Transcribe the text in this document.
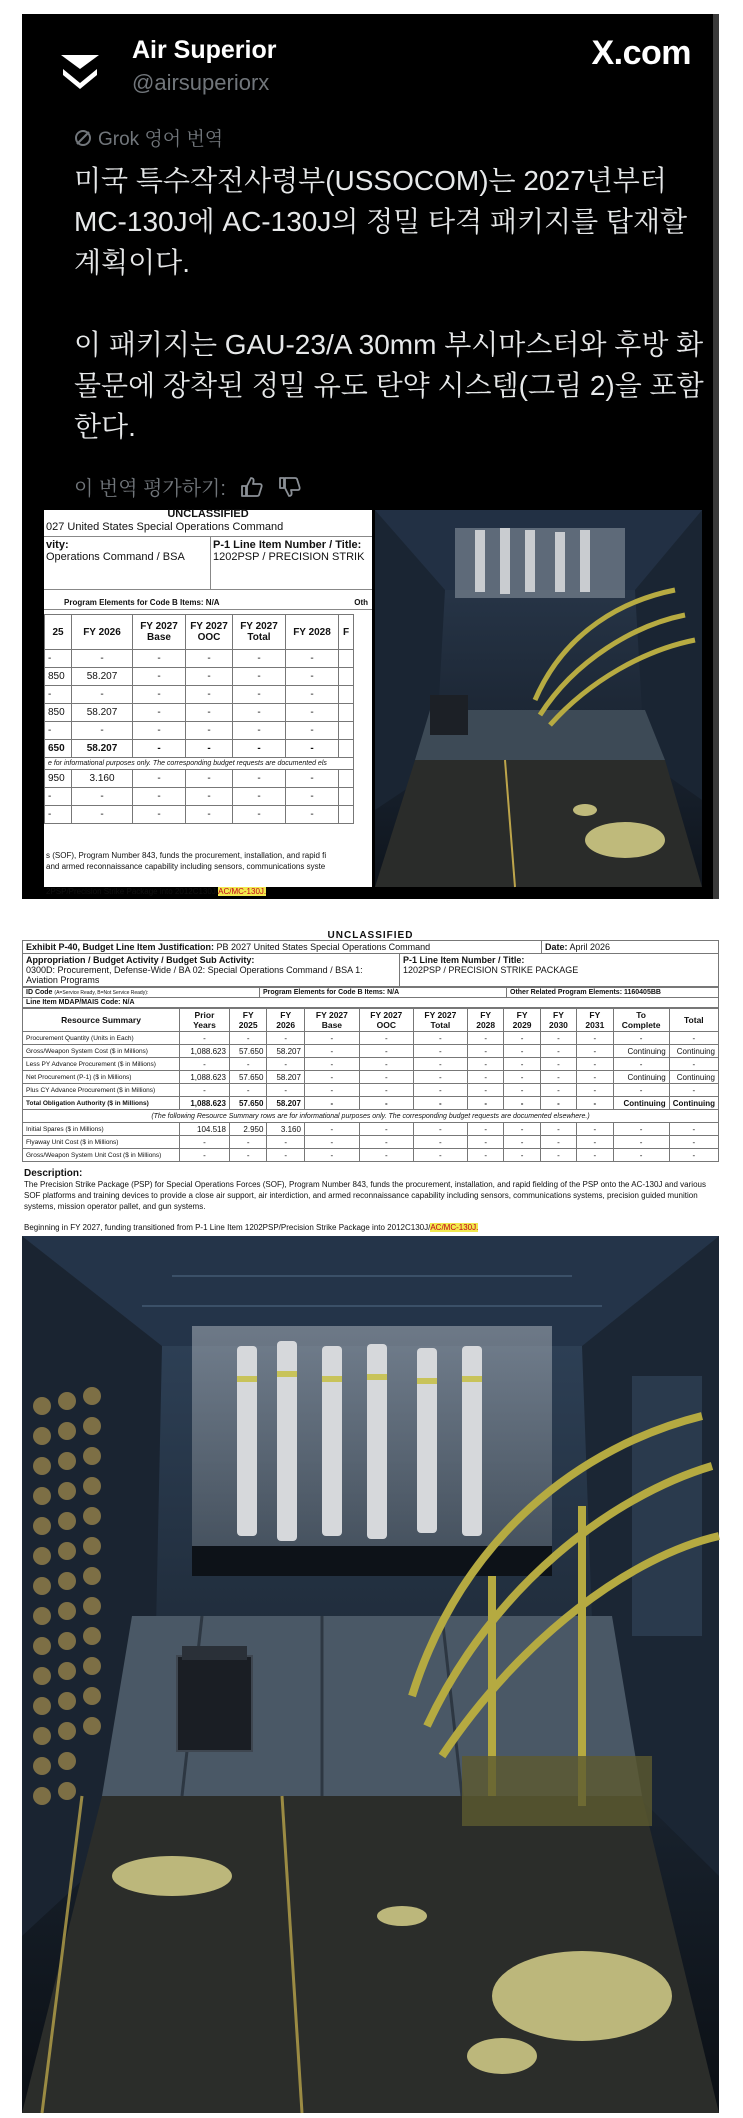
Air Superior
@airsuperiorx
X.com
Grok 영어 번역

미국 특수작전사령부(USSOCOM)는 2027년부터 MC-130J에 AC-130J의 정밀 타격 패키지를 탑재할 계획이다.

이 패키지는 GAU-23/A 30mm 부시마스터와 후방 화물문에 장착된 정밀 유도 탄약 시스템(그림 2)을 포함한다.

이 번역 평가하기:
UNCLASSIFIED
027 United States Special Operations Command
vity:
Operations Command / BSA
P-1 Line Item Number / Title:
1202PSP / PRECISION STRIK
Program Elements for Code B Items: N/A	Oth
25	FY 2026	FY 2027 Base	FY 2027 OOC	FY 2027 Total	FY 2028	F
-	-	-	-	-	-	
850	58.207	-	-	-	-	
-	-	-	-	-	-	
850	58.207	-	-	-	-	
-	-	-	-	-	-	
650	58.207	-	-	-	-	
e for informational purposes only. The corresponding budget requests are documented els						
950	3.160	-	-	-	-	
-	-	-	-	-	-	
-	-	-	-	-	-	
s (SOF), Program Number 843, funds the procurement, installation, and rapid fi
and armed reconnaissance capability including sensors, communications syste
2PSP/Precision Strike Package into 2012C130J/AC/MC-130J.
UNCLASSIFIED
Exhibit P-40, Budget Line Item Justification: PB 2027 United States Special Operations Command		Date: April 2026
Appropriation / Budget Activity / Budget Sub Activity:
0300D: Procurement, Defense-Wide / BA 02: Special Operations Command / BSA 1: Aviation Programs	P-1 Line Item Number / Title:
1202PSP / PRECISION STRIKE PACKAGE	
ID Code (A=Service Ready, B=Not Service Ready):	Program Elements for Code B Items: N/A	Other Related Program Elements: 1160405BB
Line Item MDAP/MAIS Code: N/A
Resource Summary	Prior Years	FY 2025	FY 2026	FY 2027 Base	FY 2027 OOC	FY 2027 Total	FY 2028	FY 2029	FY 2030	FY 2031	To Complete	Total
Procurement Quantity (Units in Each)	-	-	-	-	-	-	-	-	-	-	-	-
Gross/Weapon System Cost ($ in Millions)	1,088.623	57.650	58.207	-	-	-	-	-	-	-	Continuing	Continuing
Less PY Advance Procurement ($ in Millions)	-	-	-	-	-	-	-	-	-	-	-	-
Net Procurement (P-1) ($ in Millions)	1,088.623	57.650	58.207	-	-	-	-	-	-	-	Continuing	Continuing
Plus CY Advance Procurement ($ in Millions)	-	-	-	-	-	-	-	-	-	-	-	-
Total Obligation Authority ($ in Millions)	1,088.623	57.650	58.207	-	-	-	-	-	-	-	Continuing	Continuing
(The following Resource Summary rows are for informational purposes only. The corresponding budget requests are documented elsewhere.)												
Initial Spares ($ in Millions)	104.518	2.950	3.160	-	-	-	-	-	-	-	-	-
Flyaway Unit Cost ($ in Millions)	-	-	-	-	-	-	-	-	-	-	-	-
Gross/Weapon System Unit Cost ($ in Millions)	-	-	-	-	-	-	-	-	-	-	-	-
Description:
The Precision Strike Package (PSP) for Special Operations Forces (SOF), Program Number 843, funds the procurement, installation, and rapid fielding of the PSP onto the AC-130J and various SOF platforms and training devices to provide a close air support, air interdiction, and armed reconnaissance capability including sensors, communications systems, precision guided munition systems, mission operator pallet, and gun systems.
Beginning in FY 2027, funding transitioned from P-1 Line Item 1202PSP/Precision Strike Package into 2012C130J/AC/MC-130J.
